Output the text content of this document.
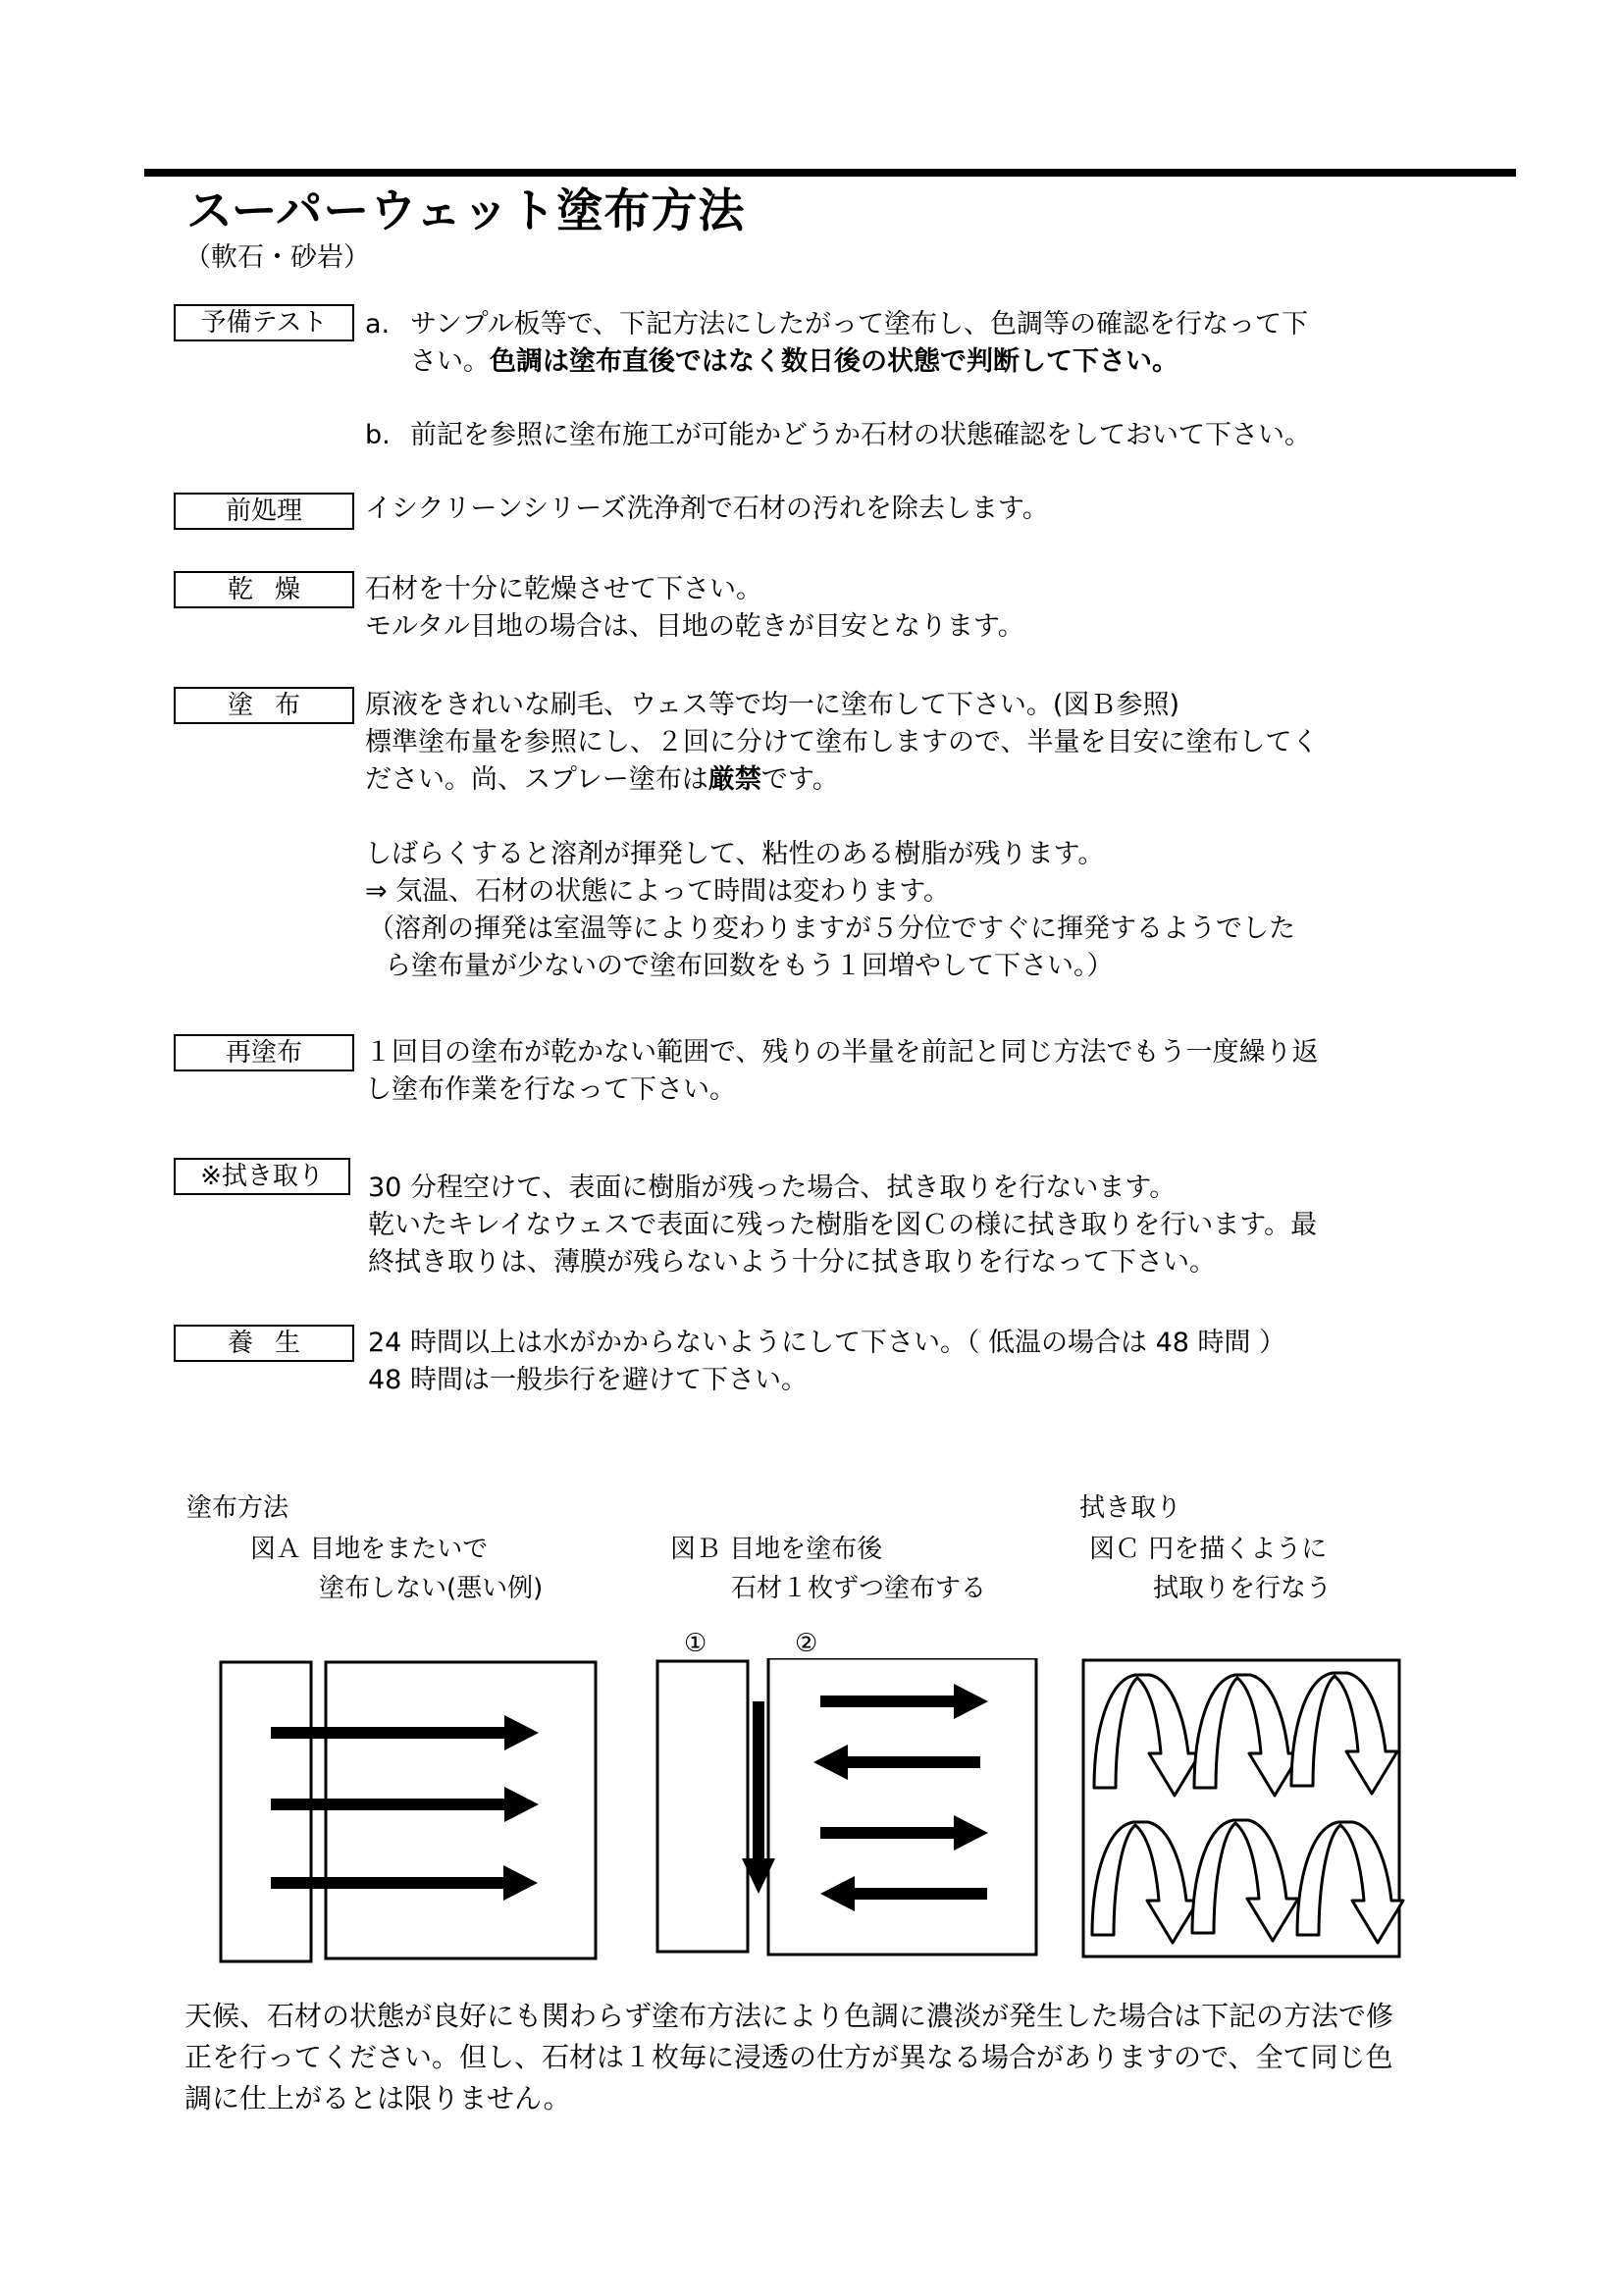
スーパーウェット塗布方法
（軟石・砂岩）
予備テスト	a. サンプル板等で、下記方法にしたがって塗布し、色調等の確認を行なって下
さい。色調は塗布直後ではなく数日後の状態で判断して下さい。
b. 前記を参照に塗布施工が可能かどうか石材の状態確認をしておいて下さい。
前処理	イシクリーンシリーズ洗浄剤で石材の汚れを除去します。
乾燥	石材を十分に乾燥させて下さい。
モルタル目地の場合は、目地の乾きが目安となります。
塗布	原液をきれいな刷毛、ウェス等で均一に塗布して下さい。(図Ｂ参照)
標準塗布量を参照にし、２回に分けて塗布しますので、半量を目安に塗布してく
ださい。尚、スプレー塗布は厳禁です。
しばらくすると溶剤が揮発して、粘性のある樹脂が残ります。
⇒ 気温、石材の状態によって時間は変わります。
（溶剤の揮発は室温等により変わりますが５分位ですぐに揮発するようでした
ら塗布量が少ないので塗布回数をもう１回増やして下さい。）
再塗布	１回目の塗布が乾かない範囲で、残りの半量を前記と同じ方法でもう一度繰り返
し塗布作業を行なって下さい。
※拭き取り	30 分程空けて、表面に樹脂が残った場合、拭き取りを行ないます。
乾いたキレイなウェスで表面に残った樹脂を図Ｃの様に拭き取りを行います。最
終拭き取りは、薄膜が残らないよう十分に拭き取りを行なって下さい。
養生	24 時間以上は水がかからないようにして下さい。（ 低温の場合は 48 時間 ）
48 時間は一般歩行を避けて下さい。
塗布方法	拭き取り
図Ａ 目地をまたいで
塗布しない(悪い例)
図Ｂ 目地を塗布後
石材１枚ずつ塗布する
図Ｃ 円を描くように
拭取りを行なう
①	②
天候、石材の状態が良好にも関わらず塗布方法により色調に濃淡が発生した場合は下記の方法で修
正を行ってください。但し、石材は１枚毎に浸透の仕方が異なる場合がありますので、全て同じ色
調に仕上がるとは限りません。
